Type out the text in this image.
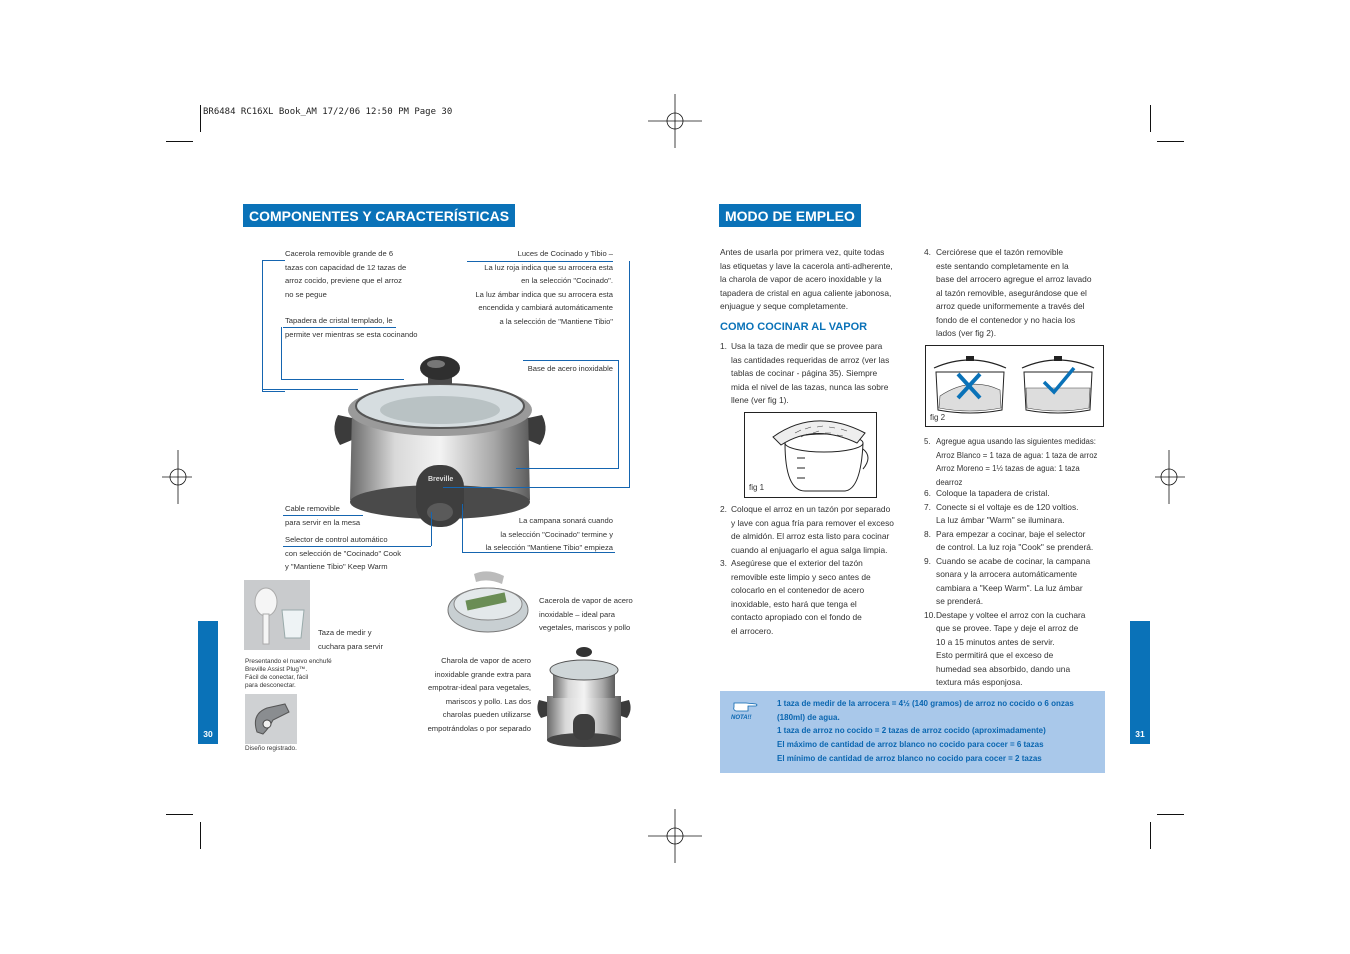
BR6484 RC16XL Book_AM 17/2/06 12:50 PM Page 30
COMPONENTES Y CARACTERÍSTICAS
Breville
Cacerola removible grande de 6
tazas con capacidad de 12 tazas de
arroz cocido, previene que el arroz
no se pegue
Tapadera de cristal templado, le
permite ver mientras se esta cocinando
Luces de Cocinado y Tibio –
La luz roja indica que su arrocera esta
en la selección "Cocinado".
La luz ámbar indica que su arrocera esta
encendida y cambiará automáticamente
a la selección de "Mantiene Tibio"
Base de acero inoxidable
Cable removible
para servir en la mesa
Selector de control automático
con selección de "Cocinado" Cook
y "Mantiene Tibio" Keep Warm
La campana sonará cuando
la selección "Cocinado" termine y
la selección "Mantiene Tibio" empieza
Taza de medir y
cuchara para servir
Presentando el nuevo enchufé
Breville Assist Plug™.
Fácil de conectar, fácil
para desconectar.
Diseño registrado.
Cacerola de vapor de acero
inoxidable – ideal para
vegetales, mariscos y pollo
Charola de vapor de acero
inoxidable grande extra para
empotrar-ideal para vegetales,
mariscos y pollo. Las dos
charolas pueden utilizarse
empotrándolas o por separado
30
MODO DE EMPLEO
Antes de usarla por primera vez, quite todas
las etiquetas y lave la cacerola anti-adherente,
la charola de vapor de acero inoxidable y la
tapadera de cristal en agua caliente jabonosa,
enjuague y seque completamente.
COMO COCINAR AL VAPOR
1. Usa la taza de medir que se provee para
las cantidades requeridas de arroz (ver las
tablas de cocinar - página 35). Siempre
mida el nivel de las tazas, nunca las sobre
llene (ver fig 1).
fig 1
2. Coloque el arroz en un tazón por separado
y lave con agua fría para remover el exceso
de almidón. El arroz esta listo para cocinar
cuando al enjuagarlo el agua salga limpia.
3. Asegúrese que el exterior del tazón
removible este limpio y seco antes de
colocarlo en el contenedor de acero
inoxidable, esto hará que tenga el
contacto apropiado con el fondo de
el arrocero.
4. Cerciórese que el tazón removible
este sentando completamente en la
base del arrocero agregue el arroz lavado
al tazón removible, asegurándose que el
arroz quede uniformemente a través del
fondo de el contenedor y no hacia los
lados (ver fig 2).
fig 2
5. Agregue agua usando las siguientes medidas:
Arroz Blanco = 1 taza de agua: 1 taza de arroz
Arroz Moreno = 1½ tazas de agua: 1 taza
dearroz
6. Coloque la tapadera de cristal.
7. Conecte si el voltaje es de 120 voltios.
La luz ámbar "Warm" se iluminara.
8. Para empezar a cocinar, baje el selector
de control. La luz roja "Cook" se prenderá.
9. Cuando se acabe de cocinar, la campana
sonara y la arrocera automáticamente
cambiara a "Keep Warm". La luz ámbar
se prenderá.
10. Destape y voltee el arroz con la cuchara
que se provee. Tape y deje el arroz de
10 a 15 minutos antes de servir.
Esto permitirá que el exceso de
humedad sea absorbido, dando una
textura más esponjosa.
NOTA!!
1 taza de medir de la arrocera = 4½ (140 gramos) de arroz no cocido o 6 onzas
(180ml) de agua.
1 taza de arroz no cocido = 2 tazas de arroz cocido (aproximadamente)
El máximo de cantidad de arroz blanco no cocido para cocer = 6 tazas
El mínimo de cantidad de arroz blanco no cocido para cocer = 2 tazas
31
